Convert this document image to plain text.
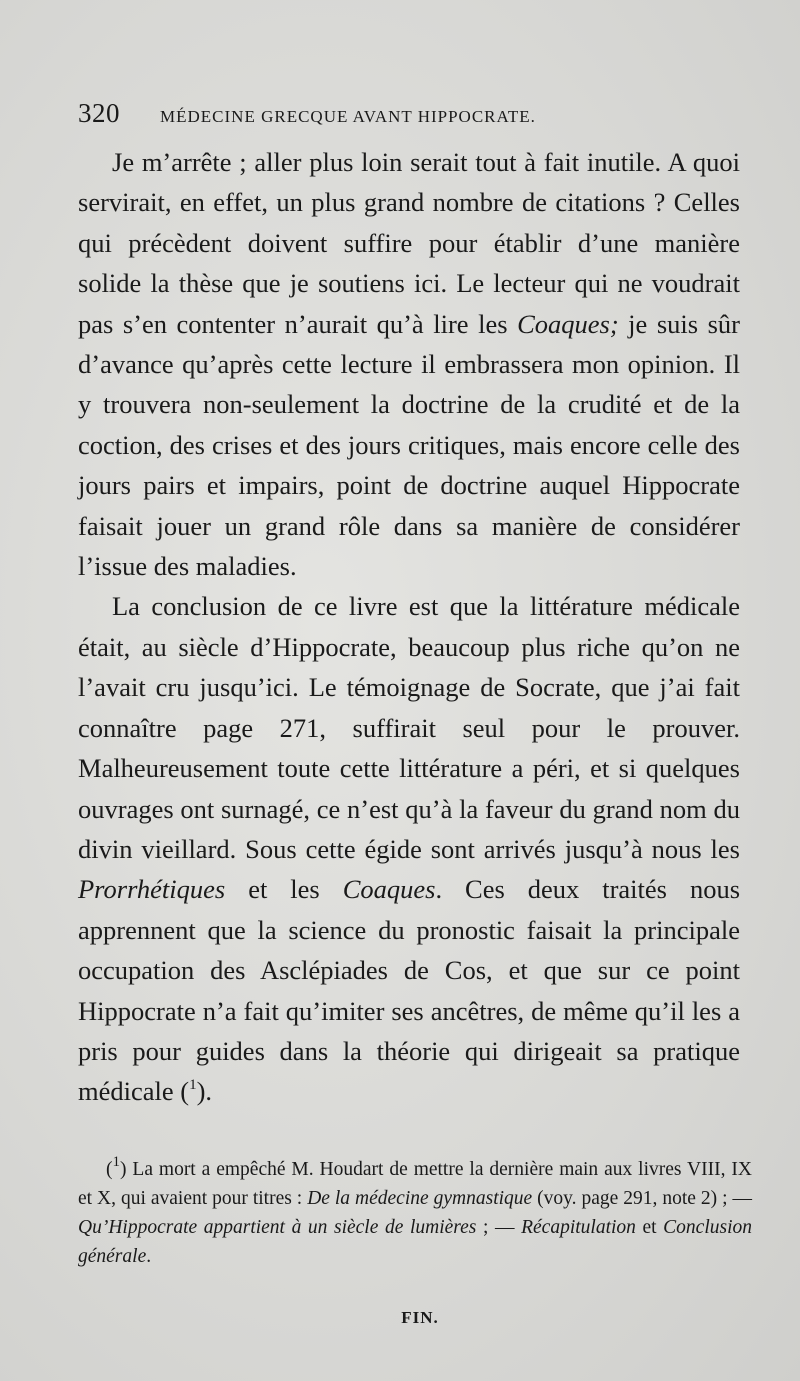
320 MÉDECINE GRECQUE AVANT HIPPOCRATE.

Je m’arrête ; aller plus loin serait tout à fait inutile. A quoi servirait, en effet, un plus grand nombre de citations ? Celles qui précèdent doivent suffire pour établir d’une manière solide la thèse que je soutiens ici. Le lecteur qui ne voudrait pas s’en contenter n’aurait qu’à lire les Coaques; je suis sûr d’avance qu’après cette lecture il embrassera mon opinion. Il y trouvera non-seulement la doctrine de la crudité et de la coction, des crises et des jours critiques, mais encore celle des jours pairs et impairs, point de doctrine auquel Hippocrate faisait jouer un grand rôle dans sa manière de considérer l’issue des maladies.

La conclusion de ce livre est que la littérature médicale était, au siècle d’Hippocrate, beaucoup plus riche qu’on ne l’avait cru jusqu’ici. Le témoignage de Socrate, que j’ai fait connaître page 271, suffirait seul pour le prouver. Malheureusement toute cette littérature a péri, et si quelques ouvrages ont surnagé, ce n’est qu’à la faveur du grand nom du divin vieillard. Sous cette égide sont arrivés jusqu’à nous les Prorrhétiques et les Coaques. Ces deux traités nous apprennent que la science du pronostic faisait la principale occupation des Asclépiades de Cos, et que sur ce point Hippocrate n’a fait qu’imiter ses ancêtres, de même qu’il les a pris pour guides dans la théorie qui dirigeait sa pratique médicale ($^1$).

($^1$) La mort a empêché M. Houdart de mettre la dernière main aux livres VIII, IX et X, qui avaient pour titres : De la médecine gymnastique (voy. page 291, note 2) ; — Qu’Hippocrate appartient à un siècle de lumières ; — Récapitulation et Conclusion générale.
FIN.
